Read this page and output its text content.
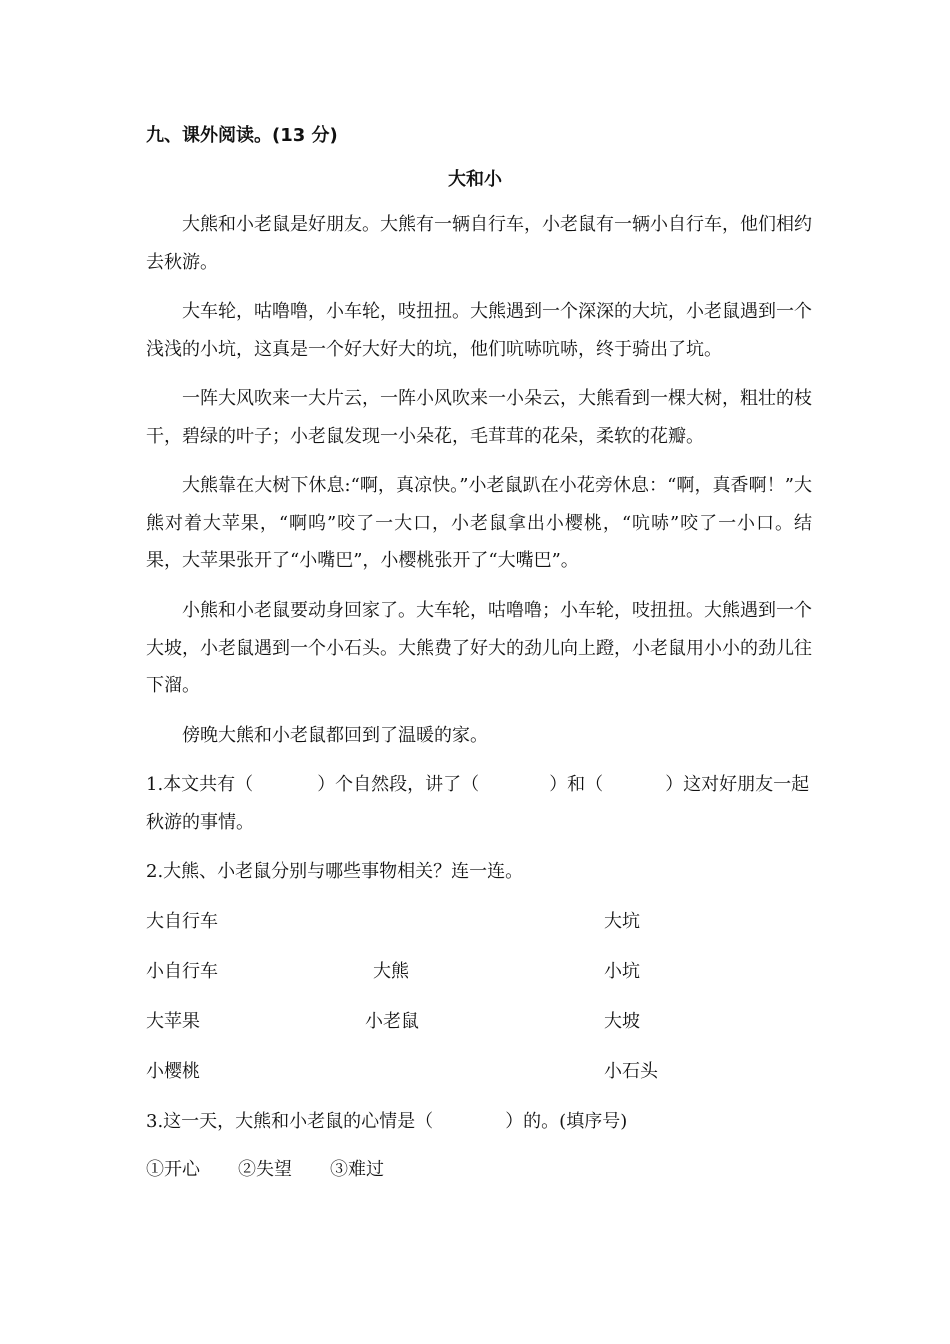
九、课外阅读。(13 分)
大和小
大熊和小老鼠是好朋友。大熊有一辆自行车，小老鼠有一辆小自行车，他们相约去秋游。
大车轮，咕噜噜，小车轮，吱扭扭。大熊遇到一个深深的大坑，小老鼠遇到一个浅浅的小坑，这真是一个好大好大的坑，他们吭哧吭哧，终于骑出了坑。
一阵大风吹来一大片云，一阵小风吹来一小朵云，大熊看到一棵大树，粗壮的枝干，碧绿的叶子；小老鼠发现一小朵花，毛茸茸的花朵，柔软的花瓣。
大熊靠在大树下休息:“啊，真凉快。”小老鼠趴在小花旁休息：“啊，真香啊！”大熊对着大苹果，“啊呜”咬了一大口，小老鼠拿出小樱桃，“吭哧”咬了一小口。结果，大苹果张开了“小嘴巴”，小樱桃张开了“大嘴巴”。
小熊和小老鼠要动身回家了。大车轮，咕噜噜；小车轮，吱扭扭。大熊遇到一个大坡，小老鼠遇到一个小石头。大熊费了好大的劲儿向上蹬，小老鼠用小小的劲儿往下溜。
傍晚大熊和小老鼠都回到了温暖的家。
1.本文共有（	）个自然段，讲了（	）和（	）这对好朋友一起秋游的事情。
2.大熊、小老鼠分别与哪些事物相关？连一连。
大自行车
小自行车
大苹果
小樱桃
大熊
小老鼠
大坑
小坑
大坡
小石头
3.这一天，大熊和小老鼠的心情是（	）的。(填序号)
①开心 ②失望 ③难过
